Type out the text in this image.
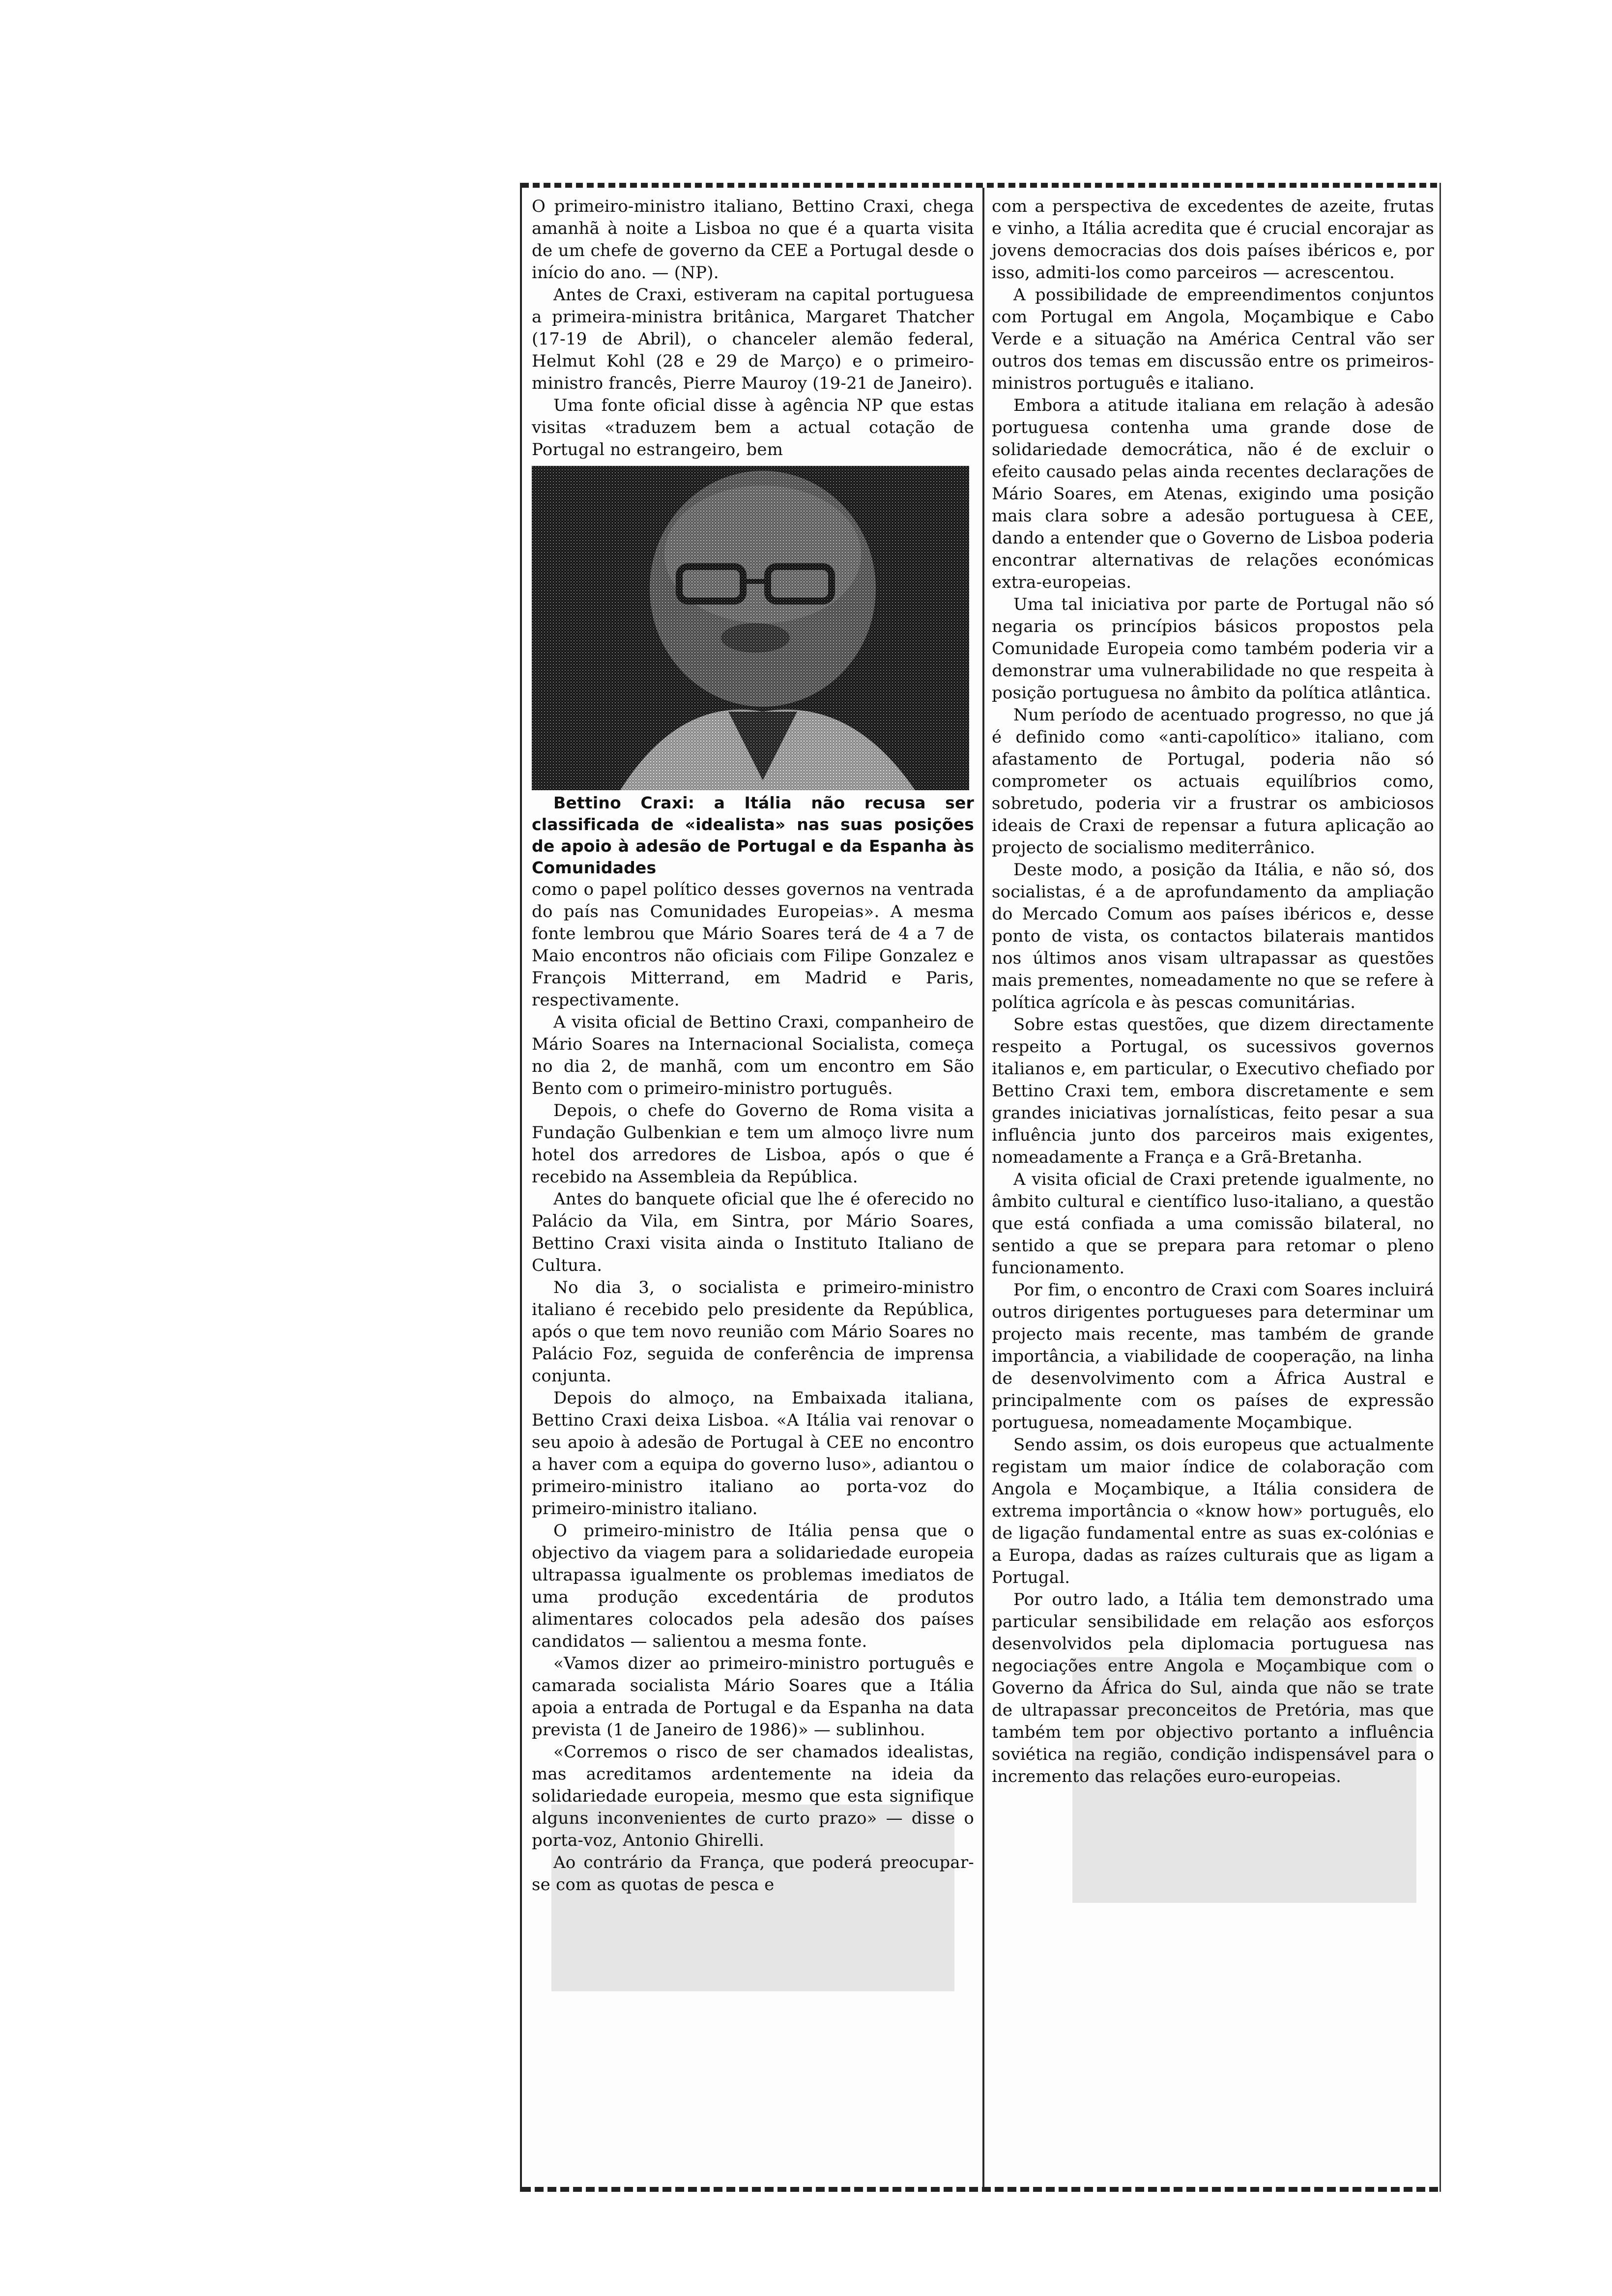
O primeiro-ministro italiano, Bettino Craxi, chega amanhã à noite a Lisboa no que é a quarta visita de um chefe de governo da CEE a Portugal desde o início do ano. — (NP).

Antes de Craxi, estiveram na capital portuguesa a primeira-ministra britânica, Margaret Thatcher (17-19 de Abril), o chanceler alemão federal, Helmut Kohl (28 e 29 de Março) e o primeiro-ministro francês, Pierre Mauroy (19-21 de Janeiro).

Uma fonte oficial disse à agência NP que estas visitas «traduzem bem a actual cotação de Portugal no estrangeiro, bem

Bettino Craxi: a Itália não recusa ser classificada de «idealista» nas suas posições de apoio à adesão de Portugal e da Espanha às Comunidades

como o papel político desses governos na ventrada do país nas Comunidades Europeias». A mesma fonte lembrou que Mário Soares terá de 4 a 7 de Maio encontros não oficiais com Filipe Gonzalez e François Mitterrand, em Madrid e Paris, respectivamente.

A visita oficial de Bettino Craxi, companheiro de Mário Soares na Internacional Socialista, começa no dia 2, de manhã, com um encontro em São Bento com o primeiro-ministro português.

Depois, o chefe do Governo de Roma visita a Fundação Gulbenkian e tem um almoço livre num hotel dos arredores de Lisboa, após o que é recebido na Assembleia da República.

Antes do banquete oficial que lhe é oferecido no Palácio da Vila, em Sintra, por Mário Soares, Bettino Craxi visita ainda o Instituto Italiano de Cultura.

No dia 3, o socialista e primeiro-ministro italiano é recebido pelo presidente da República, após o que tem novo reunião com Mário Soares no Palácio Foz, seguida de conferência de imprensa conjunta.

Depois do almoço, na Embaixada italiana, Bettino Craxi deixa Lisboa. «A Itália vai renovar o seu apoio à adesão de Portugal à CEE no encontro a haver com a equipa do governo luso», adiantou o primeiro-ministro italiano ao porta-voz do primeiro-ministro italiano.

O primeiro-ministro de Itália pensa que o objectivo da viagem para a solidariedade europeia ultrapassa igualmente os problemas imediatos de uma produção excedentária de produtos alimentares colocados pela adesão dos países candidatos — salientou a mesma fonte.

«Vamos dizer ao primeiro-ministro português e camarada socialista Mário Soares que a Itália apoia a entrada de Portugal e da Espanha na data prevista (1 de Janeiro de 1986)» — sublinhou.

«Corremos o risco de ser chamados idealistas, mas acreditamos ardentemente na ideia da solidariedade europeia, mesmo que esta signifique alguns inconvenientes de curto prazo» — disse o porta-voz, Antonio Ghirelli.

Ao contrário da França, que poderá preocupar-se com as quotas de pesca e

com a perspectiva de excedentes de azeite, frutas e vinho, a Itália acredita que é crucial encorajar as jovens democracias dos dois países ibéricos e, por isso, admiti-los como parceiros — acrescentou.

A possibilidade de empreendimentos conjuntos com Portugal em Angola, Moçambique e Cabo Verde e a situação na América Central vão ser outros dos temas em discussão entre os primeiros-ministros português e italiano.

Embora a atitude italiana em relação à adesão portuguesa contenha uma grande dose de solidariedade democrática, não é de excluir o efeito causado pelas ainda recentes declarações de Mário Soares, em Atenas, exigindo uma posição mais clara sobre a adesão portuguesa à CEE, dando a entender que o Governo de Lisboa poderia encontrar alternativas de relações económicas extra-europeias.

Uma tal iniciativa por parte de Portugal não só negaria os princípios básicos propostos pela Comunidade Europeia como também poderia vir a demonstrar uma vulnerabilidade no que respeita à posição portuguesa no âmbito da política atlântica.

Num período de acentuado progresso, no que já é definido como «anti-capolítico» italiano, com afastamento de Portugal, poderia não só comprometer os actuais equilíbrios como, sobretudo, poderia vir a frustrar os ambiciosos ideais de Craxi de repensar a futura aplicação ao projecto de socialismo mediterrânico.

Deste modo, a posição da Itália, e não só, dos socialistas, é a de aprofundamento da ampliação do Mercado Comum aos países ibéricos e, desse ponto de vista, os contactos bilaterais mantidos nos últimos anos visam ultrapassar as questões mais prementes, nomeadamente no que se refere à política agrícola e às pescas comunitárias.

Sobre estas questões, que dizem directamente respeito a Portugal, os sucessivos governos italianos e, em particular, o Executivo chefiado por Bettino Craxi tem, embora discretamente e sem grandes iniciativas jornalísticas, feito pesar a sua influência junto dos parceiros mais exigentes, nomeadamente a França e a Grã-Bretanha.

A visita oficial de Craxi pretende igualmente, no âmbito cultural e científico luso-italiano, a questão que está confiada a uma comissão bilateral, no sentido a que se prepara para retomar o pleno funcionamento.

Por fim, o encontro de Craxi com Soares incluirá outros dirigentes portugueses para determinar um projecto mais recente, mas também de grande importância, a viabilidade de cooperação, na linha de desenvolvimento com a África Austral e principalmente com os países de expressão portuguesa, nomeadamente Moçambique.

Sendo assim, os dois europeus que actualmente registam um maior índice de colaboração com Angola e Moçambique, a Itália considera de extrema importância o «know how» português, elo de ligação fundamental entre as suas ex-colónias e a Europa, dadas as raízes culturais que as ligam a Portugal.

Por outro lado, a Itália tem demonstrado uma particular sensibilidade em relação aos esforços desenvolvidos pela diplomacia portuguesa nas negociações entre Angola e Moçambique com o Governo da África do Sul, ainda que não se trate de ultrapassar preconceitos de Pretória, mas que também tem por objectivo portanto a influência soviética na região, condição indispensável para o incremento das relações euro-europeias.
